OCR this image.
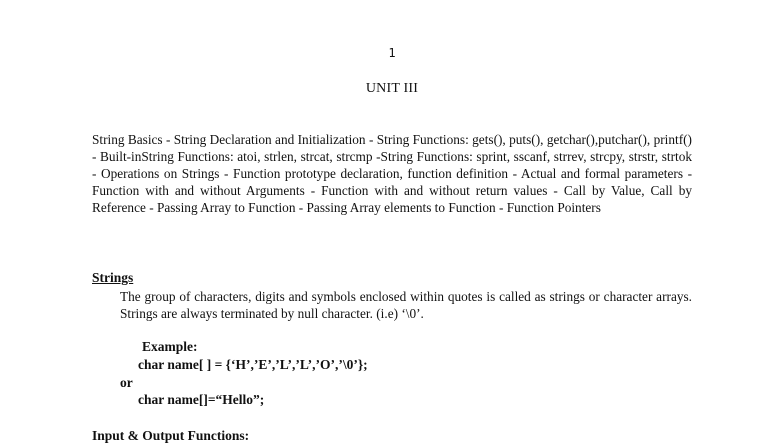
1
UNIT III

String Basics - String Declaration and Initialization - String Functions: gets(), puts(), getchar(),putchar(), printf() - Built-inString Functions: atoi, strlen, strcat, strcmp -String Functions: sprint, sscanf, strrev, strcpy, strstr, strtok - Operations on Strings - Function prototype declaration, function definition - Actual and formal parameters - Function with and without Arguments - Function with and without return values - Call by Value, Call by Reference - Passing Array to Function - Passing Array elements to Function - Function Pointers

Strings

The group of characters, digits and symbols enclosed within quotes is called as strings or character arrays. Strings are always terminated by null character. (i.e) ‘\0’.

Example:

char name[ ] = {‘H’,’E’,’L’,’L’,’O’,’\0’};

or

char name[]=“Hello”;

Input & Output Functions:
